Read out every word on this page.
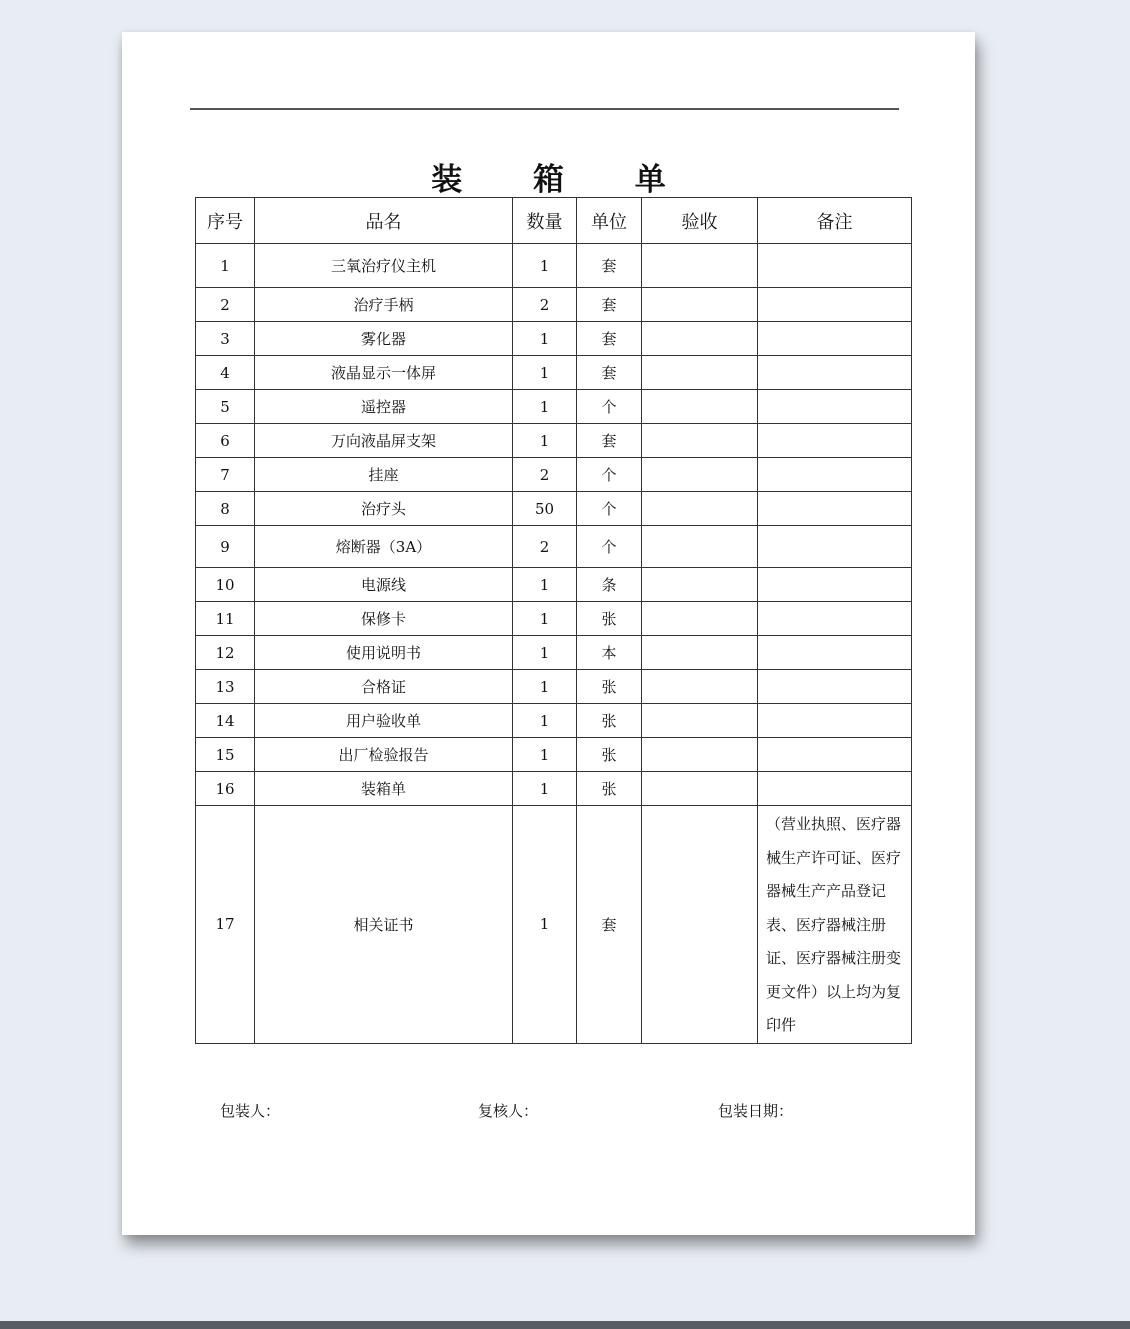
装 箱 单
序号	品名	数量	单位	验收	备注
1	三氧治疗仪主机	1	套		
2	治疗手柄	2	套		
3	雾化器	1	套		
4	液晶显示一体屏	1	套		
5	遥控器	1	个		
6	万向液晶屏支架	1	套		
7	挂座	2	个		
8	治疗头	50	个		
9	熔断器（3A）	2	个		
10	电源线	1	条		
11	保修卡	1	张		
12	使用说明书	1	本		
13	合格证	1	张		
14	用户验收单	1	张		
15	出厂检验报告	1	张		
16	装箱单	1	张		
17	相关证书	1	套		（营业执照、医疗器械生产许可证、医疗器械生产产品登记表、医疗器械注册证、医疗器械注册变更文件）以上均为复印件
包装人：	复核人：	包装日期：
